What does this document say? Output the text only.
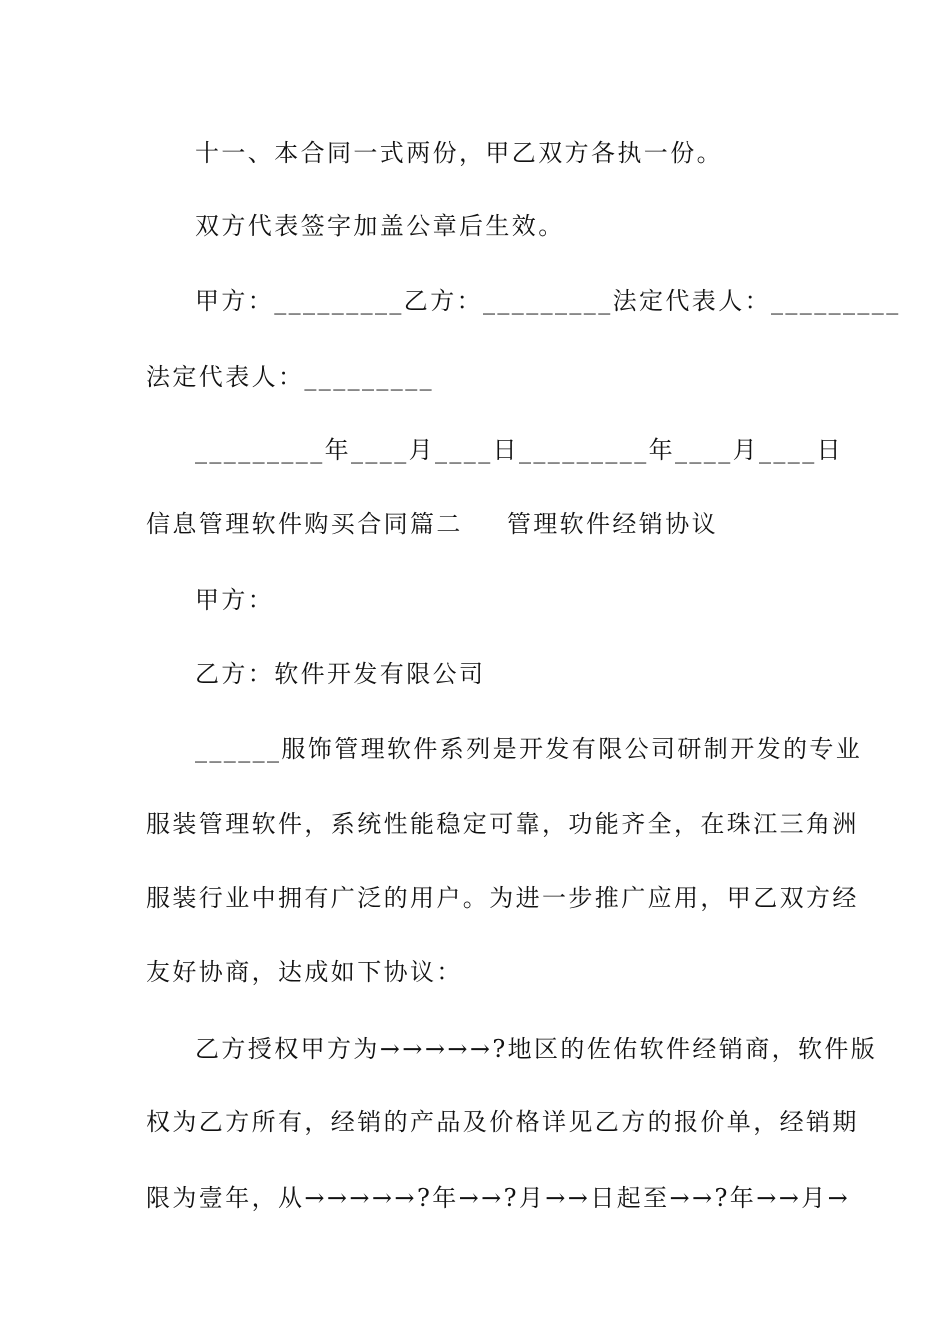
十一、本合同一式两份，甲乙双方各执一份。
双方代表签字加盖公章后生效。
甲方：_________乙方：_________法定代表人：_________
法定代表人：_________
_________年____月____日_________年____月____日
信息管理软件购买合同篇二 管理软件经销协议
甲方：
乙方：软件开发有限公司
______服饰管理软件系列是开发有限公司研制开发的专业
服装管理软件，系统性能稳定可靠，功能齐全，在珠江三角洲
服装行业中拥有广泛的用户。为进一步推广应用，甲乙双方经
友好协商，达成如下协议：
乙方授权甲方为→→→→→?地区的佐佑软件经销商，软件版
权为乙方所有，经销的产品及价格详见乙方的报价单，经销期
限为壹年，从→→→→→?年→→?月→→日起至→→?年→→月→
